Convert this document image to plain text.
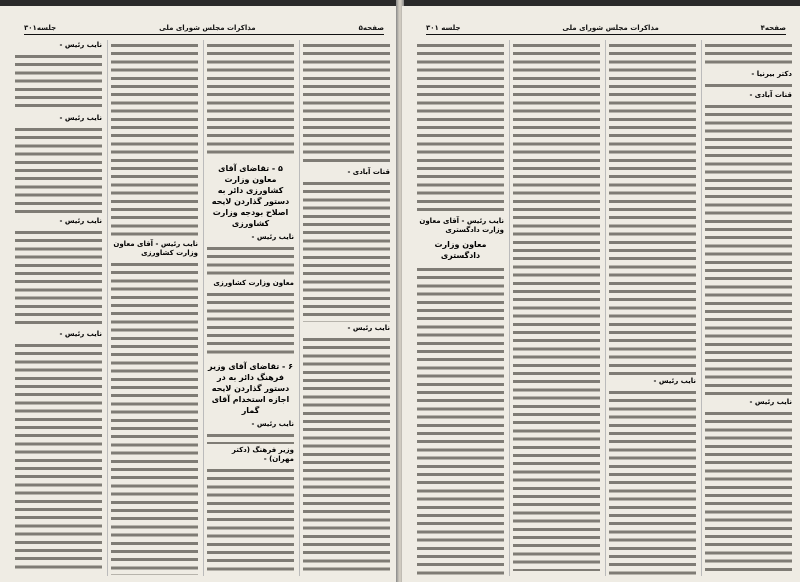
صفحه۵
مذاکرات مجلس شورای ملی
جلسه۳۰۱
قنات آبادی -
نایب رئیس -
۵ - تقاضای آقای معاون وزارت کشاورزی دائر به دستور گذاردن لایحه اصلاح بودجه وزارت کشاورزی
نایب رئیس -
معاون وزارت کشاورزی
۶ - تقاضای آقای وزیر فرهنگ دائر به در دستور گذاردن لایحه اجازه استخدام آقای گمار
نایب رئیس -
وزیر فرهنگ (دکتر مهران) -
نایب رئیس - آقای معاون وزارت کشاورزی
نایب رئیس -
نایب رئیس -
نایب رئیس -
نایب رئیس -
صفحه۴
مذاکرات مجلس شورای ملی
جلسه ۳۰۱
دکتر بیرنیا -
قنات آبادی -
نایب رئیس -
نایب رئیس -
نایب رئیس - آقای معاون وزارت دادگستری
معاون وزارت دادگستری
